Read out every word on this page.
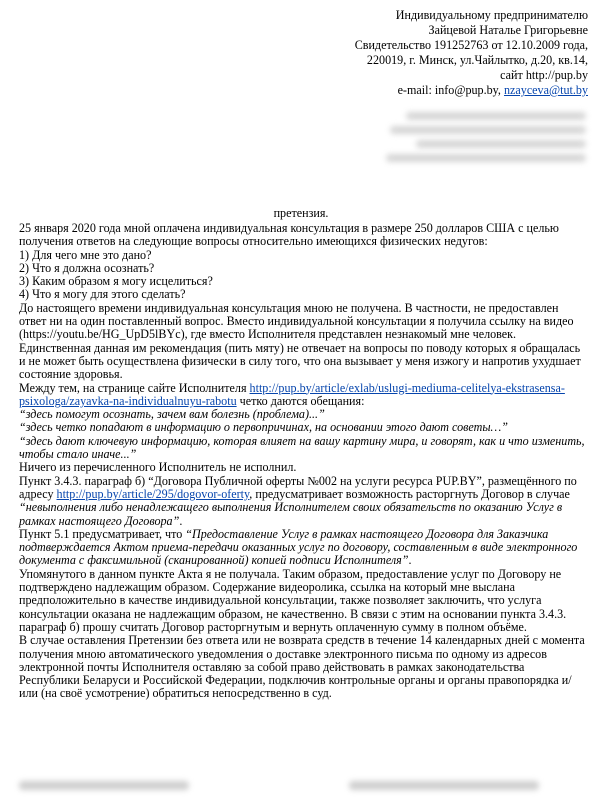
Индивидуальному предпринимателю
Зайцевой Натальe Григорьевне
Свидетельство 191252763 от 12.10.2009 года,
220019, г. Минск, ул.Чайлытко, д.20, кв.14,
сайт http://pup.by
e-mail: info@pup.by, nzayceva@tut.by
претензия.

25 января 2020 года мной оплачена индивидуальная консультация в размере 250 долларов США с целью получения ответов на следующие вопросы относительно имеющихся физических недугов:

1) Для чего мне это дано?

2) Что я должна осознать?

3) Каким образом я могу исцелиться?

4) Что я могу для этого сделать?

До настоящего времени индивидуальная консультация мною не получена. В частности, не предоставлен ответ ни на один поставленный вопрос. Вместо индивидуальной консультации я получила ссылку на видео (https://youtu.be/HG_UpD5lBYc), где вместо Исполнителя представлен незнакомый мне человек. Единственная данная им рекомендация (пить мяту) не отвечает на вопросы по поводу которых я обращалась и не может быть осуществлена физически в силу того, что она вызывает у меня изжогу и напротив ухудшает состояние здоровья.

Между тем, на странице сайте Исполнителя http://pup.by/article/exlab/uslugi-mediuma-celitelya-ekstrasensa-psixologa/zayavka-na-individualnuyu-rabotu четко даются обещания:

“здесь помогут осознать, зачем вам болезнь (проблема)...”

“здесь четко попадают в информацию о первопричинах, на основании этого дают советы…”

“здесь дают ключевую информацию, которая влияет на вашу картину мира, и говорят, как и что изменить, чтобы стало иначе...”

Ничего из перечисленного Исполнитель не исполнил.

Пункт 3.4.3. параграф б) “Договора Публичной оферты №002 на услуги ресурса PUP.BY”, размещённого по адресу http://pup.by/article/295/dogovor-oferty, предусматривает возможность расторгнуть Договор в случае “невыполнения либо ненадлежащего выполнения Исполнителем своих обязательств по оказанию Услуг в рамках настоящего Договора”.

Пункт 5.1 предусматривает, что “Предоставление Услуг в рамках настоящего Договора для Заказчика подтверждается Актом приема-передачи оказанных услуг по договору, составленным в виде электронного документа с факсимильной (сканированной) копией подписи Исполнителя”.

Упомянутого в данном пункте Акта я не получала. Таким образом, предоставление услуг по Договору не подтверждено надлежащим образом. Содержание видеоролика, ссылка на который мне выслана предположительно в качестве индивидуальной консультации, также позволяет заключить, что услуга консультации оказана не надлежащим образом, не качественно. В связи с этим на основании пункта 3.4.3. параграф б) прошу считать Договор расторгнутым и вернуть оплаченную сумму в полном объёме.

В случае оставления Претензии без ответа или не возврата средств в течение 14 календарных дней с момента получения мною автоматического уведомления о доставке электронного письма по одному из адресов электронной почты Исполнителя оставляю за собой право действовать в рамках законодательства Республики Беларуси и Российской Федерации, подключив контрольные органы и органы правопорядка и/или (на своё усмотрение) обратиться непосредственно в суд.
